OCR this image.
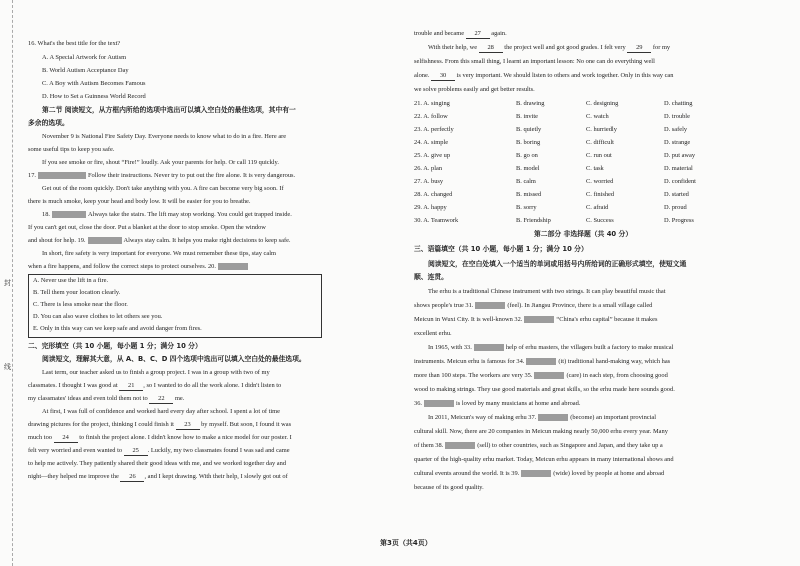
封
线
16. What's the best title for the text?
A. A Special Artwork for Autism
B. World Autism Acceptance Day
C. A Boy with Autism Becomes Famous
D. How to Set a Guinness World Record
第二节 阅读短文，从方框内所给的选项中选出可以填入空白处的最佳选项，其中有一
多余的选项。
November 9 is National Fire Safety Day. Everyone needs to know what to do in a fire. Here are
some useful tips to keep you safe.
If you see smoke or fire, shout “Fire!” loudly. Ask your parents for help. Or call 119 quickly.
17.	Follow their instructions. Never try to put out the fire alone. It is very dangerous.
Get out of the room quickly. Don't take anything with you. A fire can become very big soon. If
there is much smoke, keep your head and body low. It will be easier for you to breathe.
18.	Always take the stairs. The lift may stop working. You could get trapped inside.
If you can't get out, close the door. Put a blanket at the door to stop smoke. Open the window
and shout for help. 19.	Always stay calm. It helps you make right decisions to keep safe.
In short, fire safety is very important for everyone. We must remember these tips, stay calm
when a fire happens, and follow the correct steps to protect ourselves. 20.
A. Never use the lift in a fire.
B. Tell them your location clearly.
C. There is less smoke near the floor.
D. You can also wave clothes to let others see you.
E. Only in this way can we keep safe and avoid danger from fires.
二、完形填空（共 10 小题，每小题 1 分；满分 10 分）
阅读短文，理解其大意，从 A、B、C、D 四个选项中选出可以填入空白处的最佳选项。
Last term, our teacher asked us to finish a group project. I was in a group with two of my
classmates. I thought I was good at 21 , so I wanted to do all the work alone. I didn't listen to
my classmates' ideas and even told them not to 22 me.
At first, I was full of confidence and worked hard every day after school. I spent a lot of time
drawing pictures for the project, thinking I could finish it 23 by myself. But soon, I found it was
much too 24 to finish the project alone. I didn't know how to make a nice model for our poster. I
felt very worried and even wanted to 25 . Luckily, my two classmates found I was sad and came
to help me actively. They patiently shared their good ideas with me, and we worked together day and
night—they helped me improve the 26 , and I kept drawing. With their help, I slowly got out of
trouble and became 27 again.
With their help, we 28 the project well and got good grades. I felt very 29 for my
selfishness. From this small thing, I learnt an important lesson: No one can do everything well
alone. 30 is very important. We should listen to others and work together. Only in this way can
we solve problems easily and get better results.
21. A. singing	B. drawing	C. designing	D. chatting
22. A. follow	B. invite	C. watch	D. trouble
23. A. perfectly	B. quietly	C. hurriedly	D. safely
24. A. simple	B. boring	C. difficult	D. strange
25. A. give up	B. go on	C. run out	D. put away
26. A. plan	B. model	C. task	D. material
27. A. busy	B. calm	C. worried	D. confident
28. A. changed	B. missed	C. finished	D. started
29. A. happy	B. sorry	C. afraid	D. proud
30. A. Teamwork	B. Friendship	C. Success	D. Progress
第二部分 非选择题（共 40 分）
三、语篇填空（共 10 小题，每小题 1 分；满分 10 分）
阅读短文，在空白处填入一个适当的单词或用括号内所给词的正确形式填空，使短文通
顺、连贯。
The erhu is a traditional Chinese instrument with two strings. It can play beautiful music that
shows people's true 31.	(feel). In Jiangsu Province, there is a small village called
Meicun in Wuxi City. It is well-known 32.	“China's erhu capital” because it makes
excellent erhu.
In 1965, with 33.	help of erhu masters, the villagers built a factory to make musical
instruments. Meicun erhu is famous for 34.	(it) traditional hand-making way, which has
more than 100 steps. The workers are very 35.	(care) in each step, from choosing good
wood to making strings. They use good materials and great skills, so the erhu made here sounds good.
36.	is loved by many musicians at home and abroad.
In 2011, Meicun's way of making erhu 37.	(become) an important provincial
cultural skill. Now, there are 20 companies in Meicun making nearly 50,000 erhu every year. Many
of them 38.	(sell) to other countries, such as Singapore and Japan, and they take up a
quarter of the high-quality erhu market. Today, Meicun erhu appears in many international shows and
cultural events around the world. It is 39.	(wide) loved by people at home and abroad
because of its good quality.
第3页（共4页）
